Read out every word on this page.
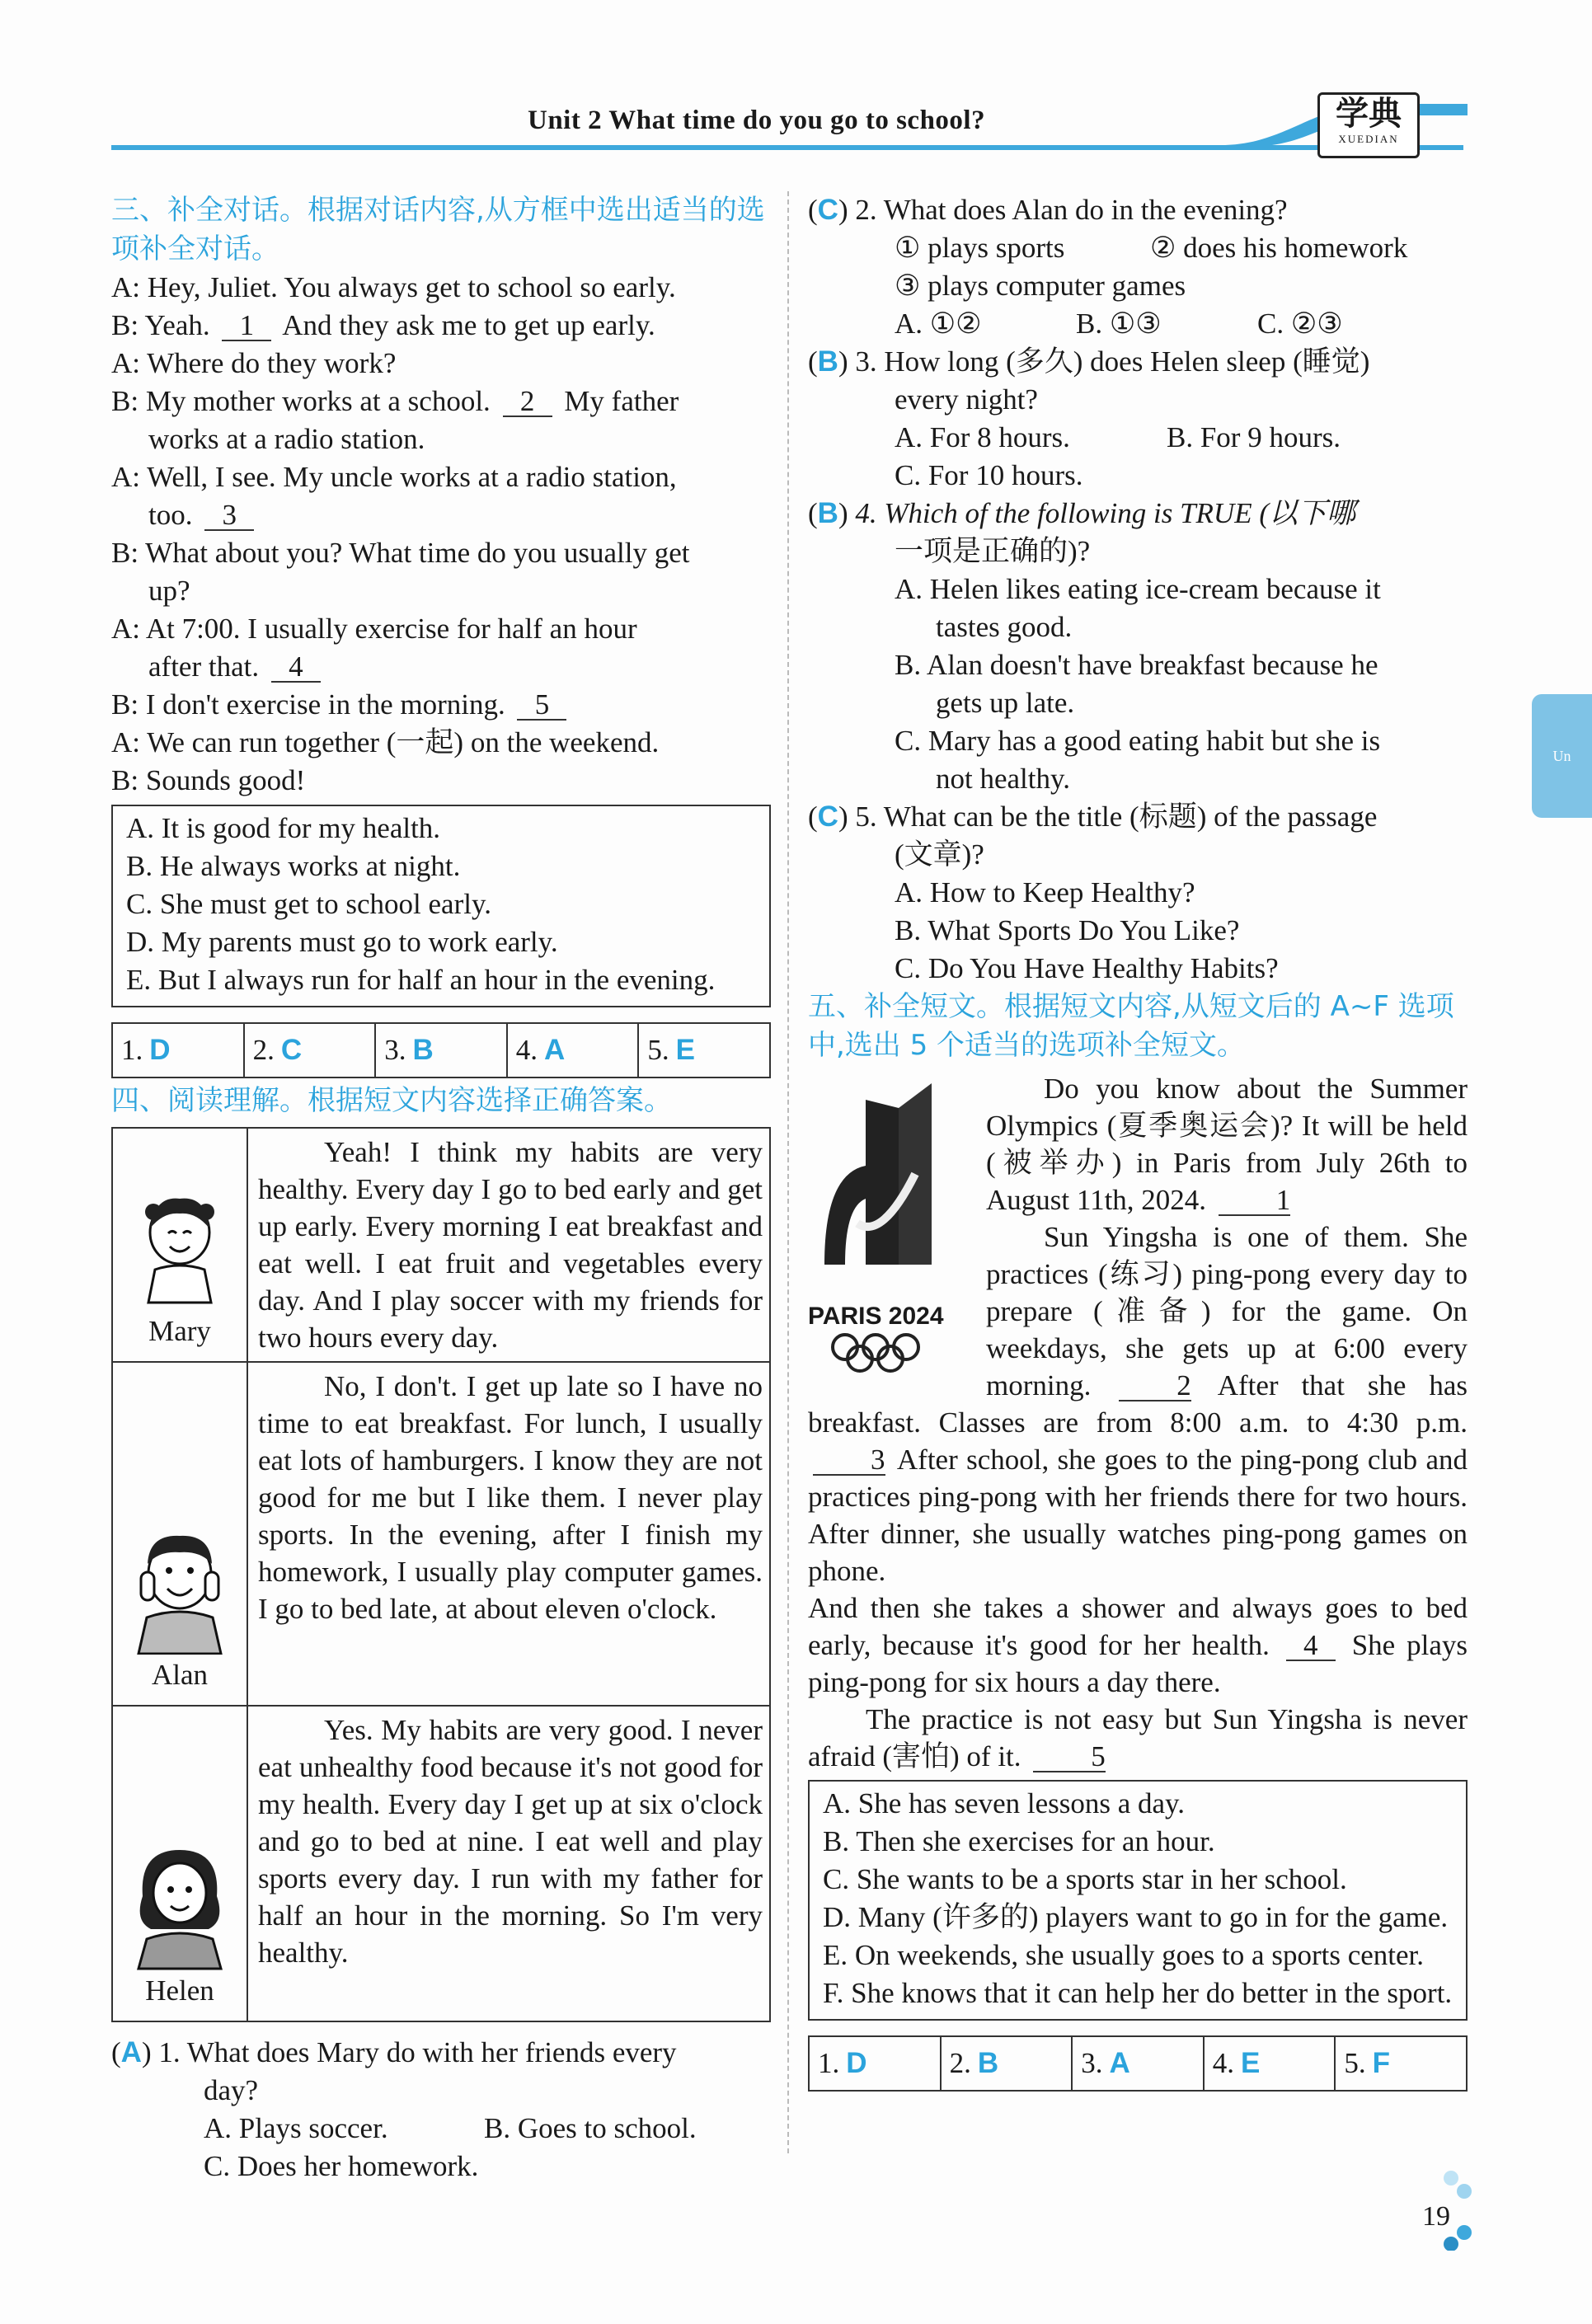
Unit 2 What time do you go to school?	学典
XUEDIAN
Un
三、补全对话。根据对话内容,从方框中选出适当的选项补全对话。
A: Hey, Juliet. You always get to school so early.
B: Yeah. 1 And they ask me to get up early.
A: Where do they work?
B: My mother works at a school. 2 My father
works at a radio station.
A: Well, I see. My uncle works at a radio station,
too. 3
B: What about you? What time do you usually get
up?
A: At 7:00. I usually exercise for half an hour
after that. 4
B: I don't exercise in the morning. 5
A: We can run together (一起) on the weekend.
B: Sounds good!
A. It is good for my health.
B. He always works at night.
C. She must get to school early.
D. My parents must go to work early.
E. But I always run for half an hour in the evening.
1. D	2. C	3. B	4. A	5. E
四、阅读理解。根据短文内容选择正确答案。
Mary	Yeah! I think my habits are very healthy. Every day I go to bed early and get up early. Every morning I eat breakfast and eat well. I eat fruit and vegetables every day. And I play soccer with my friends for two hours every day.

Alan	No, I don't. I get up late so I have no time to eat breakfast. For lunch, I usually eat lots of hamburgers. I know they are not good for me but I like them. I never play sports. In the evening, after I finish my homework, I usually play computer games. I go to bed late, at about eleven o'clock.

Helen	Yes. My habits are very good. I never eat unhealthy food because it's not good for my health. Every day I get up at six o'clock and go to bed at nine. I eat well and play sports every day. I run with my father for half an hour in the morning. So I'm very healthy.
(A) 1. What does Mary do with her friends every
day?
A. Plays soccer.	B. Goes to school.
C. Does her homework.
(C) 2. What does Alan do in the evening?
① plays sports	② does his homework
③ plays computer games
A. ①②	B. ①③	C. ②③
(B) 3. How long (多久) does Helen sleep (睡觉)
every night?
A. For 8 hours.	B. For 9 hours.
C. For 10 hours.
(B) 4. Which of the following is TRUE (以下哪
一项是正确的)?
A. Helen likes eating ice-cream because it
tastes good.
B. Alan doesn't have breakfast because he
gets up late.
C. Mary has a good eating habit but she is
not healthy.
(C) 5. What can be the title (标题) of the passage
(文章)?
A. How to Keep Healthy?
B. What Sports Do You Like?
C. Do You Have Healthy Habits?
五、补全短文。根据短文内容,从短文后的 A~F 选项中,选出 5 个适当的选项补全短文。
PARIS 2024
Do you know about the Summer Olympics (夏季奥运会)? It will be held (被举办) in Paris from July 26th to August 11th, 2024. 1
Sun Yingsha is one of them. She practices (练习) ping-pong every day to prepare (准备) for the game. On weekdays, she gets up at 6:00 every morning.	2 After that she has breakfast. Classes are from 8:00 a.m. to 4:30 p.m. 3 After school, she goes to the ping-pong club and practices ping-pong with her friends there for two hours. After dinner, she usually watches ping-pong games on phone.
And then she takes a shower and always goes to bed early, because it's good for her health. 4 She plays ping-pong for six hours a day there.
The practice is not easy but Sun Yingsha is never afraid (害怕) of it. 5
A. She has seven lessons a day.
B. Then she exercises for an hour.
C. She wants to be a sports star in her school.
D. Many (许多的) players want to go in for the game.
E. On weekends, she usually goes to a sports center.
F. She knows that it can help her do better in the sport.
1. D	2. B	3. A	4. E	5. F
19
